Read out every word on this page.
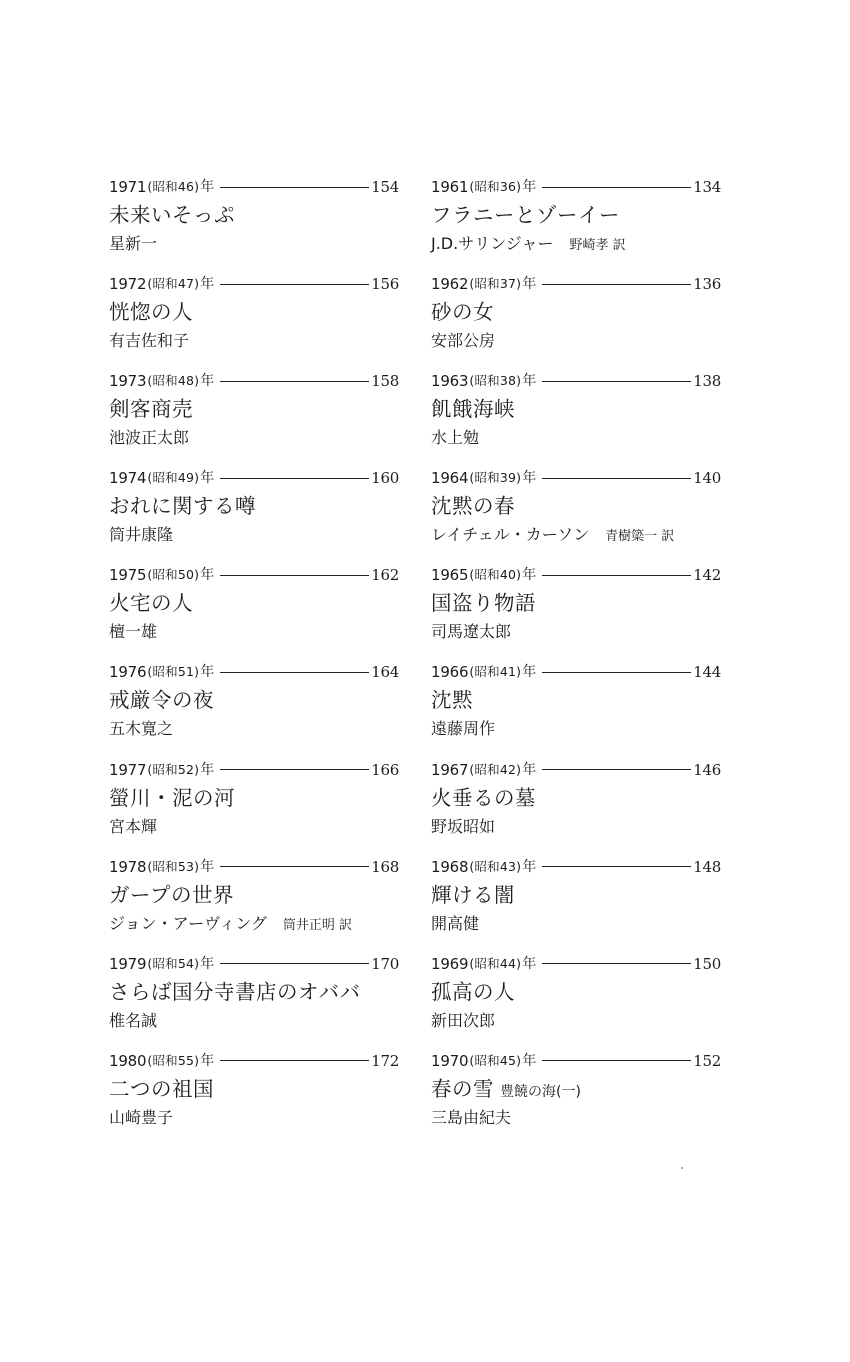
1971 (昭和46) 年	154
未来いそっぷ
星新一
1972 (昭和47) 年	156
恍惚の人
有吉佐和子
1973 (昭和48) 年	158
剣客商売
池波正太郎
1974 (昭和49) 年	160
おれに関する噂
筒井康隆
1975 (昭和50) 年	162
火宅の人
檀一雄
1976 (昭和51) 年	164
戒厳令の夜
五木寛之
1977 (昭和52) 年	166
螢川・泥の河
宮本輝
1978 (昭和53) 年	168
ガープの世界
ジョン・アーヴィング 筒井正明 訳
1979 (昭和54) 年	170
さらば国分寺書店のオババ
椎名誠
1980 (昭和55) 年	172
二つの祖国
山崎豊子
1961 (昭和36) 年	134
フラニーとゾーイー
J.D.サリンジャー 野崎孝 訳
1962 (昭和37) 年	136
砂の女
安部公房
1963 (昭和38) 年	138
飢餓海峡
水上勉
1964 (昭和39) 年	140
沈黙の春
レイチェル・カーソン 青樹簗一 訳
1965 (昭和40) 年	142
国盗り物語
司馬遼太郎
1966 (昭和41) 年	144
沈黙
遠藤周作
1967 (昭和42) 年	146
火垂るの墓
野坂昭如
1968 (昭和43) 年	148
輝ける闇
開高健
1969 (昭和44) 年	150
孤高の人
新田次郎
1970 (昭和45) 年	152
春の雪 豊饒の海(一)
三島由紀夫
